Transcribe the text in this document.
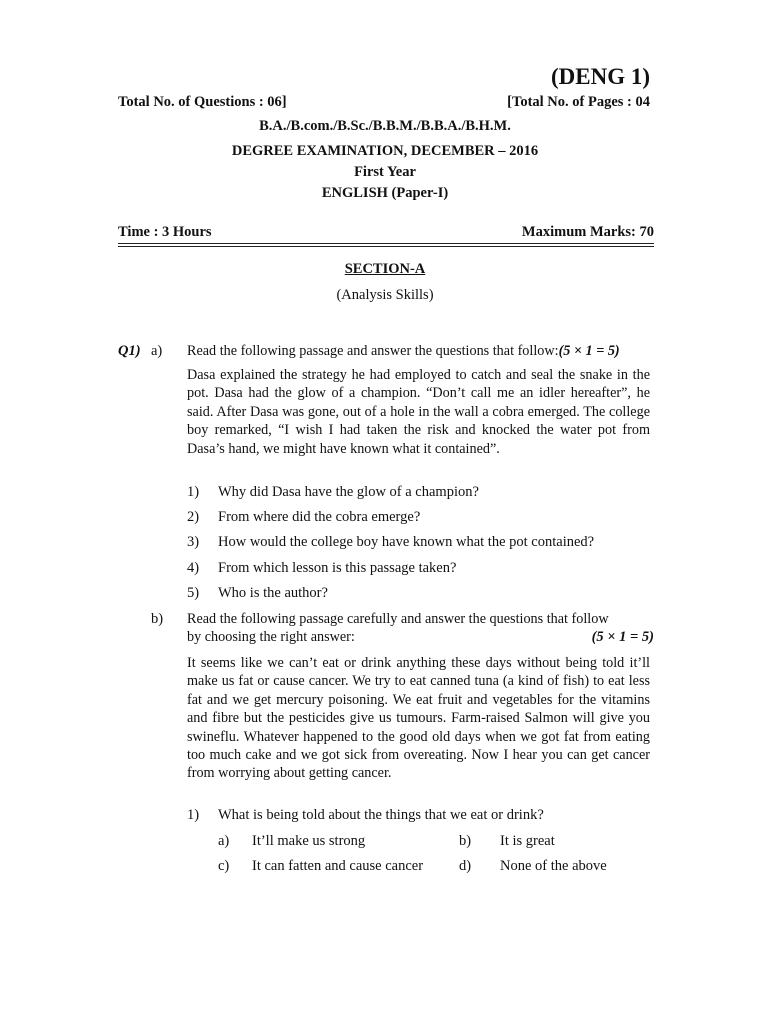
(DENG 1)
Total No. of Questions : 06]	[Total No. of Pages : 04
B.A./B.com./B.Sc./B.B.M./B.B.A./B.H.M.
DEGREE EXAMINATION, DECEMBER – 2016
First Year
ENGLISH (Paper-I)
Time : 3 Hours	Maximum Marks: 70
SECTION-A
(Analysis Skills)
Q1) a) Read the following passage and answer the questions that follow:(5 × 1 = 5)
Dasa explained the strategy he had employed to catch and seal the snake in the pot. Dasa had the glow of a champion. “Don’t call me an idler hereafter”, he said. After Dasa was gone, out of a hole in the wall a cobra emerged. The college boy remarked, “I wish I had taken the risk and knocked the water pot from Dasa’s hand, we might have known what it contained”.
1) Why did Dasa have the glow of a champion?
2) From where did the cobra emerge?
3) How would the college boy have known what the pot contained?
4) From which lesson is this passage taken?
5) Who is the author?
b) Read the following passage carefully and answer the questions that follow
by choosing the right answer:	(5 × 1 = 5)
It seems like we can’t eat or drink anything these days without being told it’ll make us fat or cause cancer. We try to eat canned tuna (a kind of fish) to eat less fat and we get mercury poisoning. We eat fruit and vegetables for the vitamins and fibre but the pesticides give us tumours. Farm-raised Salmon will give you swineflu. Whatever happened to the good old days when we got fat from eating too much cake and we got sick from overeating. Now I hear you can get cancer from worrying about getting cancer.
1) What is being told about the things that we eat or drink?
a) It’ll make us strong	b) It is great
c) It can fatten and cause cancer d) None of the above
